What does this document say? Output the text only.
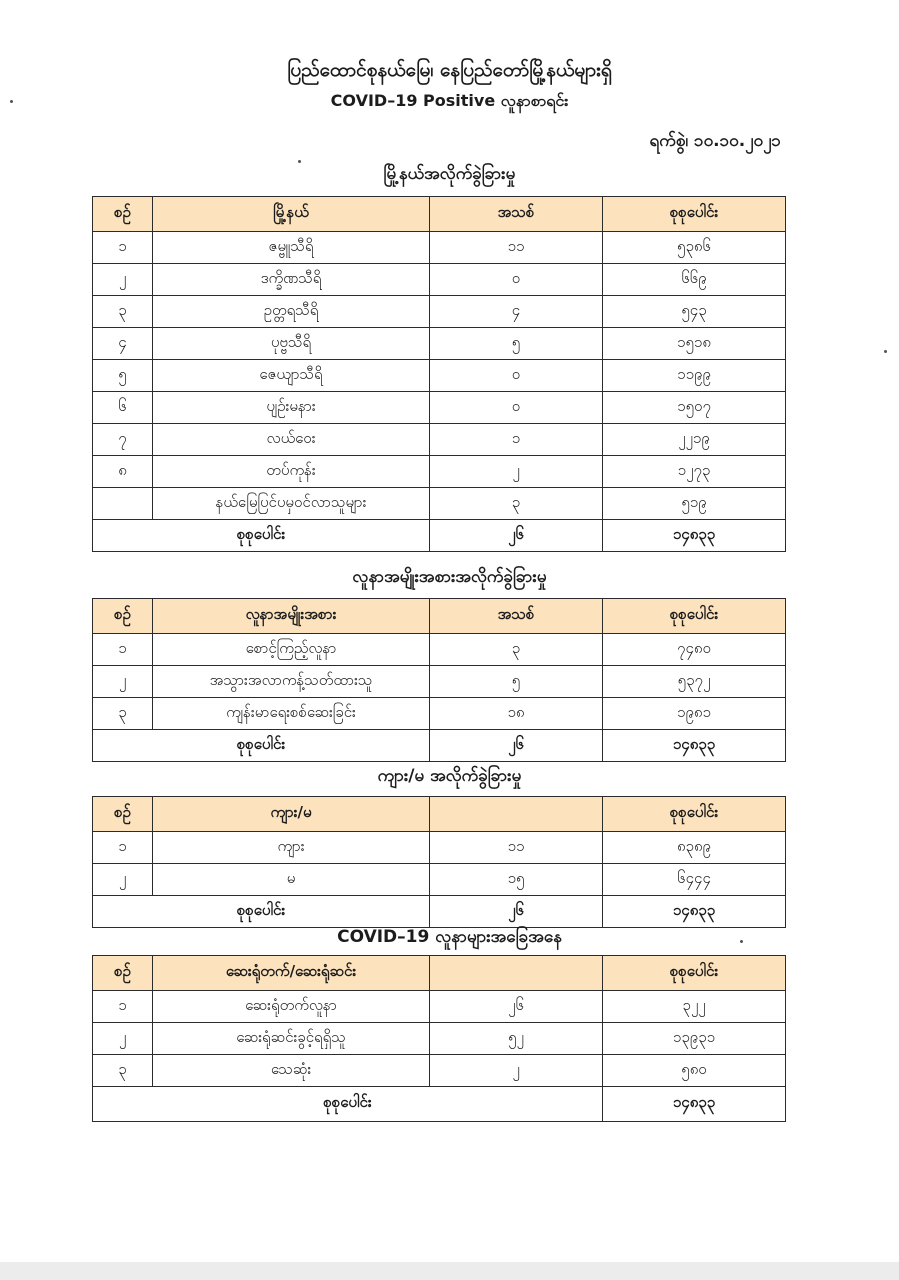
ပြည်ထောင်စုနယ်မြေ၊ နေပြည်တော်မြို့နယ်များရှိ
COVID–19 Positive လူနာစာရင်း
ရက်စွဲ၊ ၁၀.၁၀.၂၀၂၁
မြို့နယ်အလိုက်ခွဲခြားမှု
စဉ်	မြို့နယ်	အသစ်	စုစုပေါင်း
၁	ဇမ္ဗူသီရိ	၁၁	၅၃၈၆
၂	ဒက္ခိဏသီရိ	၀	၆၆၉
၃	ဥတ္တရသီရိ	၄	၅၄၃
၄	ပုဗ္ဗသီရိ	၅	၁၅၁၈
၅	ဇေယျာသီရိ	၀	၁၁၉၉
၆	ပျဉ်းမနား	၀	၁၅၀၇
၇	လယ်ဝေး	၁	၂၂၁၉
၈	တပ်ကုန်း	၂	၁၂၇၃
	နယ်မြေပြင်ပမှဝင်လာသူများ	၃	၅၁၉
စုစုပေါင်း		၂၆	၁၄၈၃၃
လူနာအမျိုးအစားအလိုက်ခွဲခြားမှု
စဉ်	လူနာအမျိုးအစား	အသစ်	စုစုပေါင်း
၁	စောင့်ကြည့်လူနာ	၃	၇၄၈၀
၂	အသွားအလာကန့်သတ်ထားသူ	၅	၅၃၇၂
၃	ကျန်းမာရေးစစ်ဆေးခြင်း	၁၈	၁၉၈၁
စုစုပေါင်း		၂၆	၁၄၈၃၃
ကျား/မ အလိုက်ခွဲခြားမှု
စဉ်	ကျား/မ		စုစုပေါင်း
၁	ကျား	၁၁	၈၃၈၉
၂	မ	၁၅	၆၄၄၄
စုစုပေါင်း		၂၆	၁၄၈၃၃
COVID–19 လူနာများအခြေအနေ
စဉ်	ဆေးရုံတက်/ဆေးရုံဆင်း		စုစုပေါင်း
၁	ဆေးရုံတက်လူနာ	၂၆	၃၂၂
၂	ဆေးရုံဆင်းခွင့်ရရှိသူ	၅၂	၁၃၉၃၁
၃	သေဆုံး	၂	၅၈၀
စုစုပေါင်း			၁၄၈၃၃
